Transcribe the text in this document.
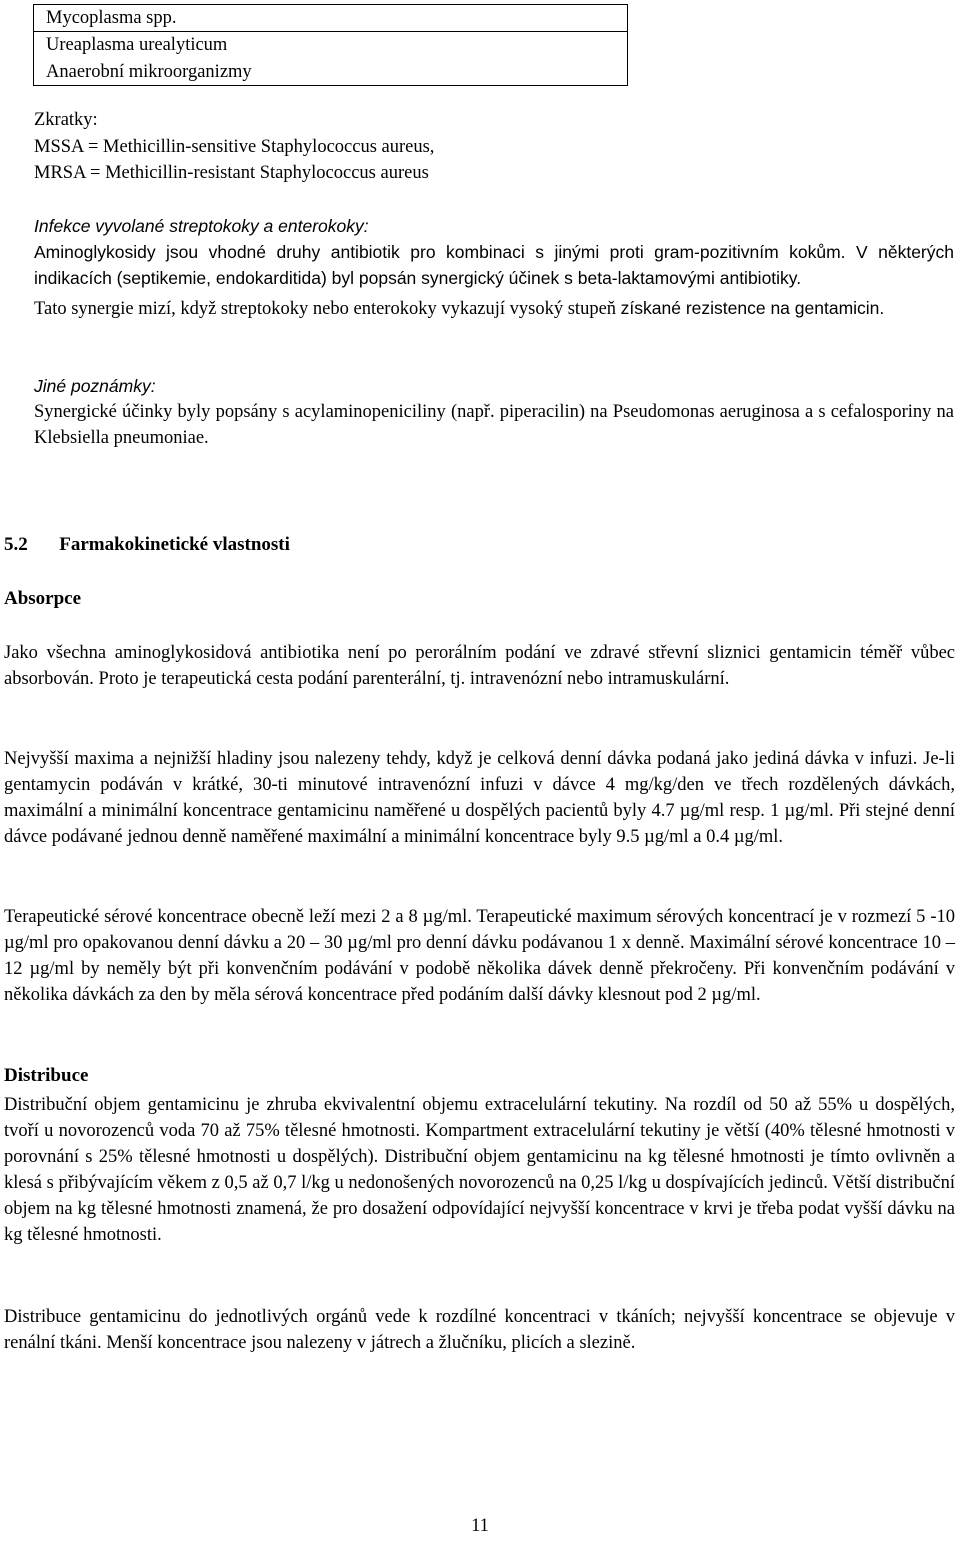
Mycoplasma spp.
Ureaplasma urealyticum
Anaerobní mikroorganizmy
Zkratky:
MSSA = Methicillin-sensitive Staphylococcus aureus,
MRSA = Methicillin-resistant Staphylococcus aureus

Infekce vyvolané streptokoky a enterokoky:

Aminoglykosidy jsou vhodné druhy antibiotik pro kombinaci s jinými proti gram-pozitivním kokům. V některých indikacích (septikemie, endokarditida) byl popsán synergický účinek s beta-laktamovými antibiotiky.

Tato synergie mizí, když streptokoky nebo enterokoky vykazují vysoký stupeň získané rezistence na gentamicin.

Jiné poznámky:

Synergické účinky byly popsány s acylaminopeniciliny (např. piperacilin) na Pseudomonas aeruginosa a s cefalosporiny na Klebsiella pneumoniae.

5.2 Farmakokinetické vlastnosti
Absorpce

Jako všechna aminoglykosidová antibiotika není po perorálním podání ve zdravé střevní sliznici gentamicin téměř vůbec absorbován. Proto je terapeutická cesta podání parenterální, tj. intravenózní nebo intramuskulární.

Nejvyšší maxima a nejnižší hladiny jsou nalezeny tehdy, když je celková denní dávka podaná jako jediná dávka v infuzi. Je-li gentamycin podáván v krátké, 30-ti minutové intravenózní infuzi v dávce 4 mg/kg/den ve třech rozdělených dávkách, maximální a minimální koncentrace gentamicinu naměřené u dospělých pacientů byly 4.7 µg/ml resp. 1 µg/ml. Při stejné denní dávce podávané jednou denně naměřené maximální a minimální koncentrace byly 9.5 µg/ml a 0.4 µg/ml.

Terapeutické sérové koncentrace obecně leží mezi 2 a 8 µg/ml. Terapeutické maximum sérových koncentrací je v rozmezí 5 -10 µg/ml pro opakovanou denní dávku a 20 – 30 µg/ml pro denní dávku podávanou 1 x denně. Maximální sérové koncentrace 10 – 12 µg/ml by neměly být při konvenčním podávání v podobě několika dávek denně překročeny. Při konvenčním podávání v několika dávkách za den by měla sérová koncentrace před podáním další dávky klesnout pod 2 µg/ml.

Distribuce

Distribuční objem gentamicinu je zhruba ekvivalentní objemu extracelulární tekutiny. Na rozdíl od 50 až 55% u dospělých, tvoří u novorozenců voda 70 až 75% tělesné hmotnosti. Kompartment extracelulární tekutiny je větší (40% tělesné hmotnosti v porovnání s 25% tělesné hmotnosti u dospělých). Distribuční objem gentamicinu na kg tělesné hmotnosti je tímto ovlivněn a klesá s přibývajícím věkem z 0,5 až 0,7 l/kg u nedonošených novorozenců na 0,25 l/kg u dospívajících jedinců. Větší distribuční objem na kg tělesné hmotnosti znamená, že pro dosažení odpovídající nejvyšší koncentrace v krvi je třeba podat vyšší dávku na kg tělesné hmotnosti.

Distribuce gentamicinu do jednotlivých orgánů vede k rozdílné koncentraci v tkáních; nejvyšší koncentrace se objevuje v renální tkáni. Menší koncentrace jsou nalezeny v játrech a žlučníku, plicích a slezině.

11
